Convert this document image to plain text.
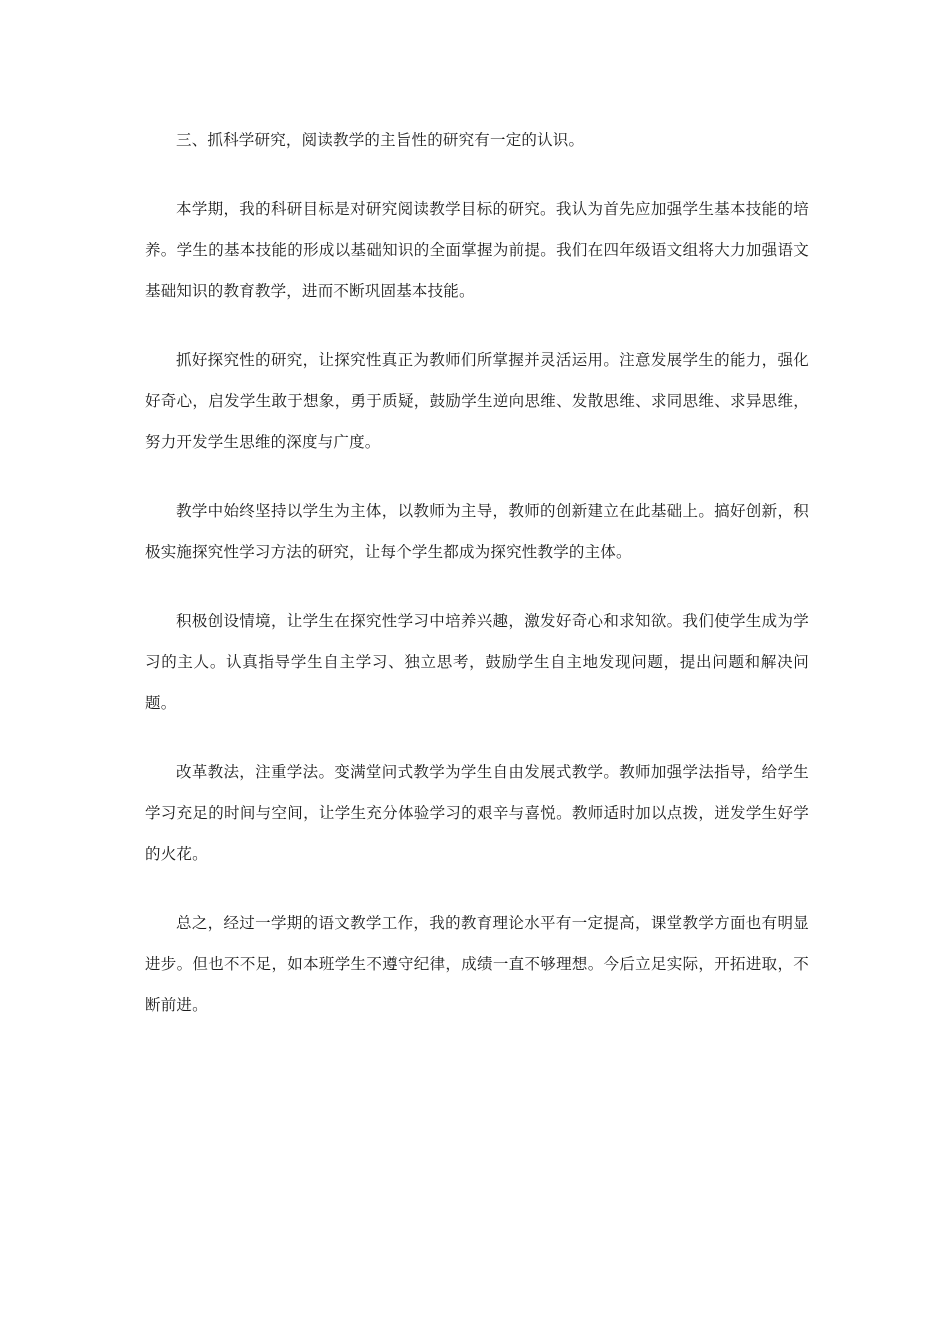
三、抓科学研究，阅读教学的主旨性的研究有一定的认识。

本学期，我的科研目标是对研究阅读教学目标的研究。我认为首先应加强学生基本技能的培养。学生的基本技能的形成以基础知识的全面掌握为前提。我们在四年级语文组将大力加强语文基础知识的教育教学，进而不断巩固基本技能。

抓好探究性的研究，让探究性真正为教师们所掌握并灵活运用。注意发展学生的能力，强化好奇心，启发学生敢于想象，勇于质疑，鼓励学生逆向思维、发散思维、求同思维、求异思维，努力开发学生思维的深度与广度。

教学中始终坚持以学生为主体，以教师为主导，教师的创新建立在此基础上。搞好创新，积极实施探究性学习方法的研究，让每个学生都成为探究性教学的主体。

积极创设情境，让学生在探究性学习中培养兴趣，激发好奇心和求知欲。我们使学生成为学习的主人。认真指导学生自主学习、独立思考，鼓励学生自主地发现问题，提出问题和解决问题。

改革教法，注重学法。变满堂问式教学为学生自由发展式教学。教师加强学法指导，给学生学习充足的时间与空间，让学生充分体验学习的艰辛与喜悦。教师适时加以点拨，迸发学生好学的火花。

总之，经过一学期的语文教学工作，我的教育理论水平有一定提高，课堂教学方面也有明显进步。但也不不足，如本班学生不遵守纪律，成绩一直不够理想。今后立足实际，开拓进取，不断前进。
